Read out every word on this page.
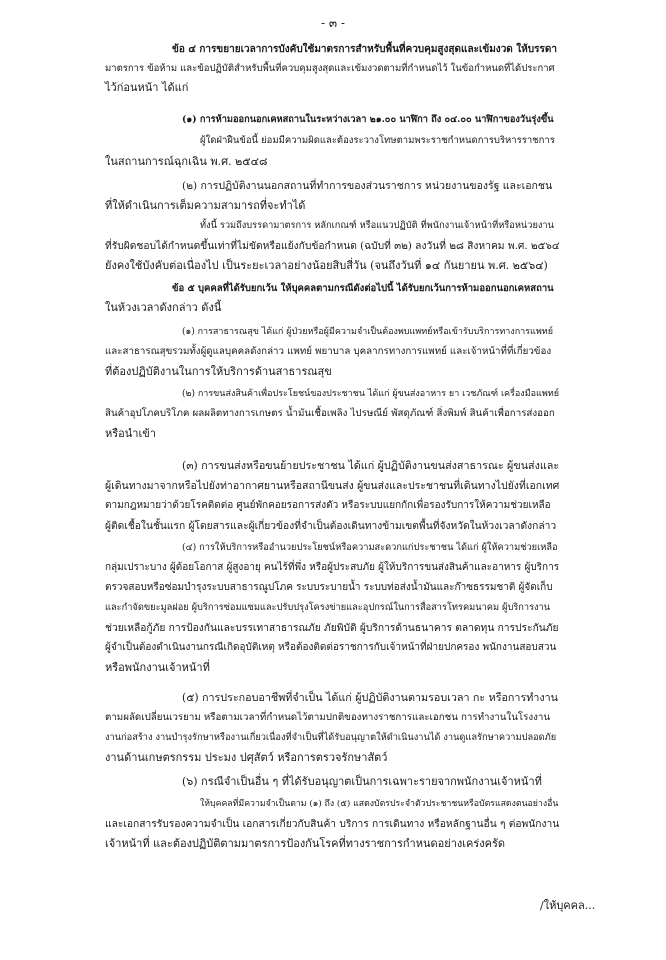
- ๓ -
ข้อ ๔ การขยายเวลาการบังคับใช้มาตรการสำหรับพื้นที่ควบคุมสูงสุดและเข้มงวด ให้บรรดา
มาตรการ ข้อห้าม และข้อปฏิบัติสำหรับพื้นที่ควบคุมสูงสุดและเข้มงวดตามที่กำหนดไว้ ในข้อกำหนดที่ได้ประกาศ
ไว้ก่อนหน้า ได้แก่
(๑) การห้ามออกนอกเคหสถานในระหว่างเวลา ๒๑.๐๐ นาฬิกา ถึง ๐๔.๐๐ นาฬิกาของวันรุ่งขึ้น
ผู้ใดฝ่าฝืนข้อนี้ ย่อมมีความผิดและต้องระวางโทษตามพระราชกำหนดการบริหารราชการ
ในสถานการณ์ฉุกเฉิน พ.ศ. ๒๕๔๘
(๒) การปฏิบัติงานนอกสถานที่ทำการของส่วนราชการ หน่วยงานของรัฐ และเอกชน
ที่ให้ดำเนินการเต็มความสามารถที่จะทำได้
ทั้งนี้ รวมถึงบรรดามาตรการ หลักเกณฑ์ หรือแนวปฏิบัติ ที่พนักงานเจ้าหน้าที่หรือหน่วยงาน
ที่รับผิดชอบได้กำหนดขึ้นเท่าที่ไม่ขัดหรือแย้งกับข้อกำหนด (ฉบับที่ ๓๒) ลงวันที่ ๒๘ สิงหาคม พ.ศ. ๒๕๖๔
ยังคงใช้บังคับต่อเนื่องไป เป็นระยะเวลาอย่างน้อยสิบสี่วัน (จนถึงวันที่ ๑๔ กันยายน พ.ศ. ๒๕๖๔)
ข้อ ๕ บุคคลที่ได้รับยกเว้น ให้บุคคลตามกรณีดังต่อไปนี้ ได้รับยกเว้นการห้ามออกนอกเคหสถาน
ในห้วงเวลาดังกล่าว ดังนี้
(๑) การสาธารณสุข ได้แก่ ผู้ป่วยหรือผู้มีความจำเป็นต้องพบแพทย์หรือเข้ารับบริการทางการแพทย์
และสาธารณสุขรวมทั้งผู้ดูแลบุคคลดังกล่าว แพทย์ พยาบาล บุคลากรทางการแพทย์ และเจ้าหน้าที่ที่เกี่ยวข้อง
ที่ต้องปฏิบัติงานในการให้บริการด้านสาธารณสุข
(๒) การขนส่งสินค้าเพื่อประโยชน์ของประชาชน ได้แก่ ผู้ขนส่งอาหาร ยา เวชภัณฑ์ เครื่องมือแพทย์
สินค้าอุปโภคบริโภค ผลผลิตทางการเกษตร น้ำมันเชื้อเพลิง ไปรษณีย์ พัสดุภัณฑ์ สิ่งพิมพ์ สินค้าเพื่อการส่งออก
หรือนำเข้า
(๓) การขนส่งหรือขนย้ายประชาชน ได้แก่ ผู้ปฏิบัติงานขนส่งสาธารณะ ผู้ขนส่งและ
ผู้เดินทางมาจากหรือไปยังท่าอากาศยานหรือสถานีขนส่ง ผู้ขนส่งและประชาชนที่เดินทางไปยังที่เอกเทศ
ตามกฎหมายว่าด้วยโรคติดต่อ ศูนย์พักคอยรอการส่งตัว หรือระบบแยกกักเพื่อรองรับการให้ความช่วยเหลือ
ผู้ติดเชื้อในชั้นแรก ผู้โดยสารและผู้เกี่ยวข้องที่จำเป็นต้องเดินทางข้ามเขตพื้นที่จังหวัดในห้วงเวลาดังกล่าว
(๔) การให้บริการหรืออำนวยประโยชน์หรือความสะดวกแก่ประชาชน ได้แก่ ผู้ให้ความช่วยเหลือ
กลุ่มเปราะบาง ผู้ด้อยโอกาส ผู้สูงอายุ คนไร้ที่พึ่ง หรือผู้ประสบภัย ผู้ให้บริการขนส่งสินค้าและอาหาร ผู้บริการ
ตรวจสอบหรือซ่อมบำรุงระบบสาธารณูปโภค ระบบระบายน้ำ ระบบท่อส่งน้ำมันและก๊าซธรรมชาติ ผู้จัดเก็บ
และกำจัดขยะมูลฝอย ผู้บริการซ่อมแซมและปรับปรุงโครงข่ายและอุปกรณ์ในการสื่อสารโทรคมนาคม ผู้บริการงาน
ช่วยเหลือกู้ภัย การป้องกันและบรรเทาสาธารณภัย ภัยพิบัติ ผู้บริการด้านธนาคาร ตลาดทุน การประกันภัย
ผู้จำเป็นต้องดำเนินงานกรณีเกิดอุบัติเหตุ หรือต้องติดต่อราชการกับเจ้าหน้าที่ฝ่ายปกครอง พนักงานสอบสวน
หรือพนักงานเจ้าหน้าที่
(๕) การประกอบอาชีพที่จำเป็น ได้แก่ ผู้ปฏิบัติงานตามรอบเวลา กะ หรือการทำงาน
ตามผลัดเปลี่ยนเวรยาม หรือตามเวลาที่กำหนดไว้ตามปกติของทางราชการและเอกชน การทำงานในโรงงาน
งานก่อสร้าง งานบำรุงรักษาหรืองานเกี่ยวเนื่องที่จำเป็นที่ได้รับอนุญาตให้ดำเนินงานได้ งานดูแลรักษาความปลอดภัย
งานด้านเกษตรกรรม ประมง ปศุสัตว์ หรือการตรวจรักษาสัตว์
(๖) กรณีจำเป็นอื่น ๆ ที่ได้รับอนุญาตเป็นการเฉพาะรายจากพนักงานเจ้าหน้าที่
ให้บุคคลที่มีความจำเป็นตาม (๑) ถึง (๕) แสดงบัตรประจำตัวประชาชนหรือบัตรแสดงตนอย่างอื่น
และเอกสารรับรองความจำเป็น เอกสารเกี่ยวกับสินค้า บริการ การเดินทาง หรือหลักฐานอื่น ๆ ต่อพนักงาน
เจ้าหน้าที่ และต้องปฏิบัติตามมาตรการป้องกันโรคที่ทางราชการกำหนดอย่างเคร่งครัด
/ให้บุคคล...
